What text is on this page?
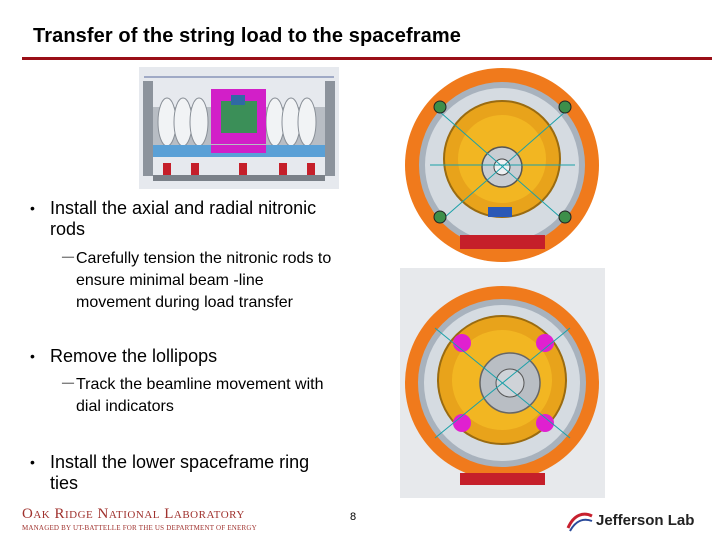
Transfer of the string load to the spaceframe
• Install the axial and radial nitronic rods
－ Carefully tension the nitronic rods to ensure minimal beam -line movement during load transfer
• Remove the lollipops
－ Track the beamline movement with dial indicators
• Install the lower spaceframe ring ties
Oak Ridge National Laboratory
MANAGED BY UT-BATTELLE FOR THE US DEPARTMENT OF ENERGY
8	Jefferson Lab
